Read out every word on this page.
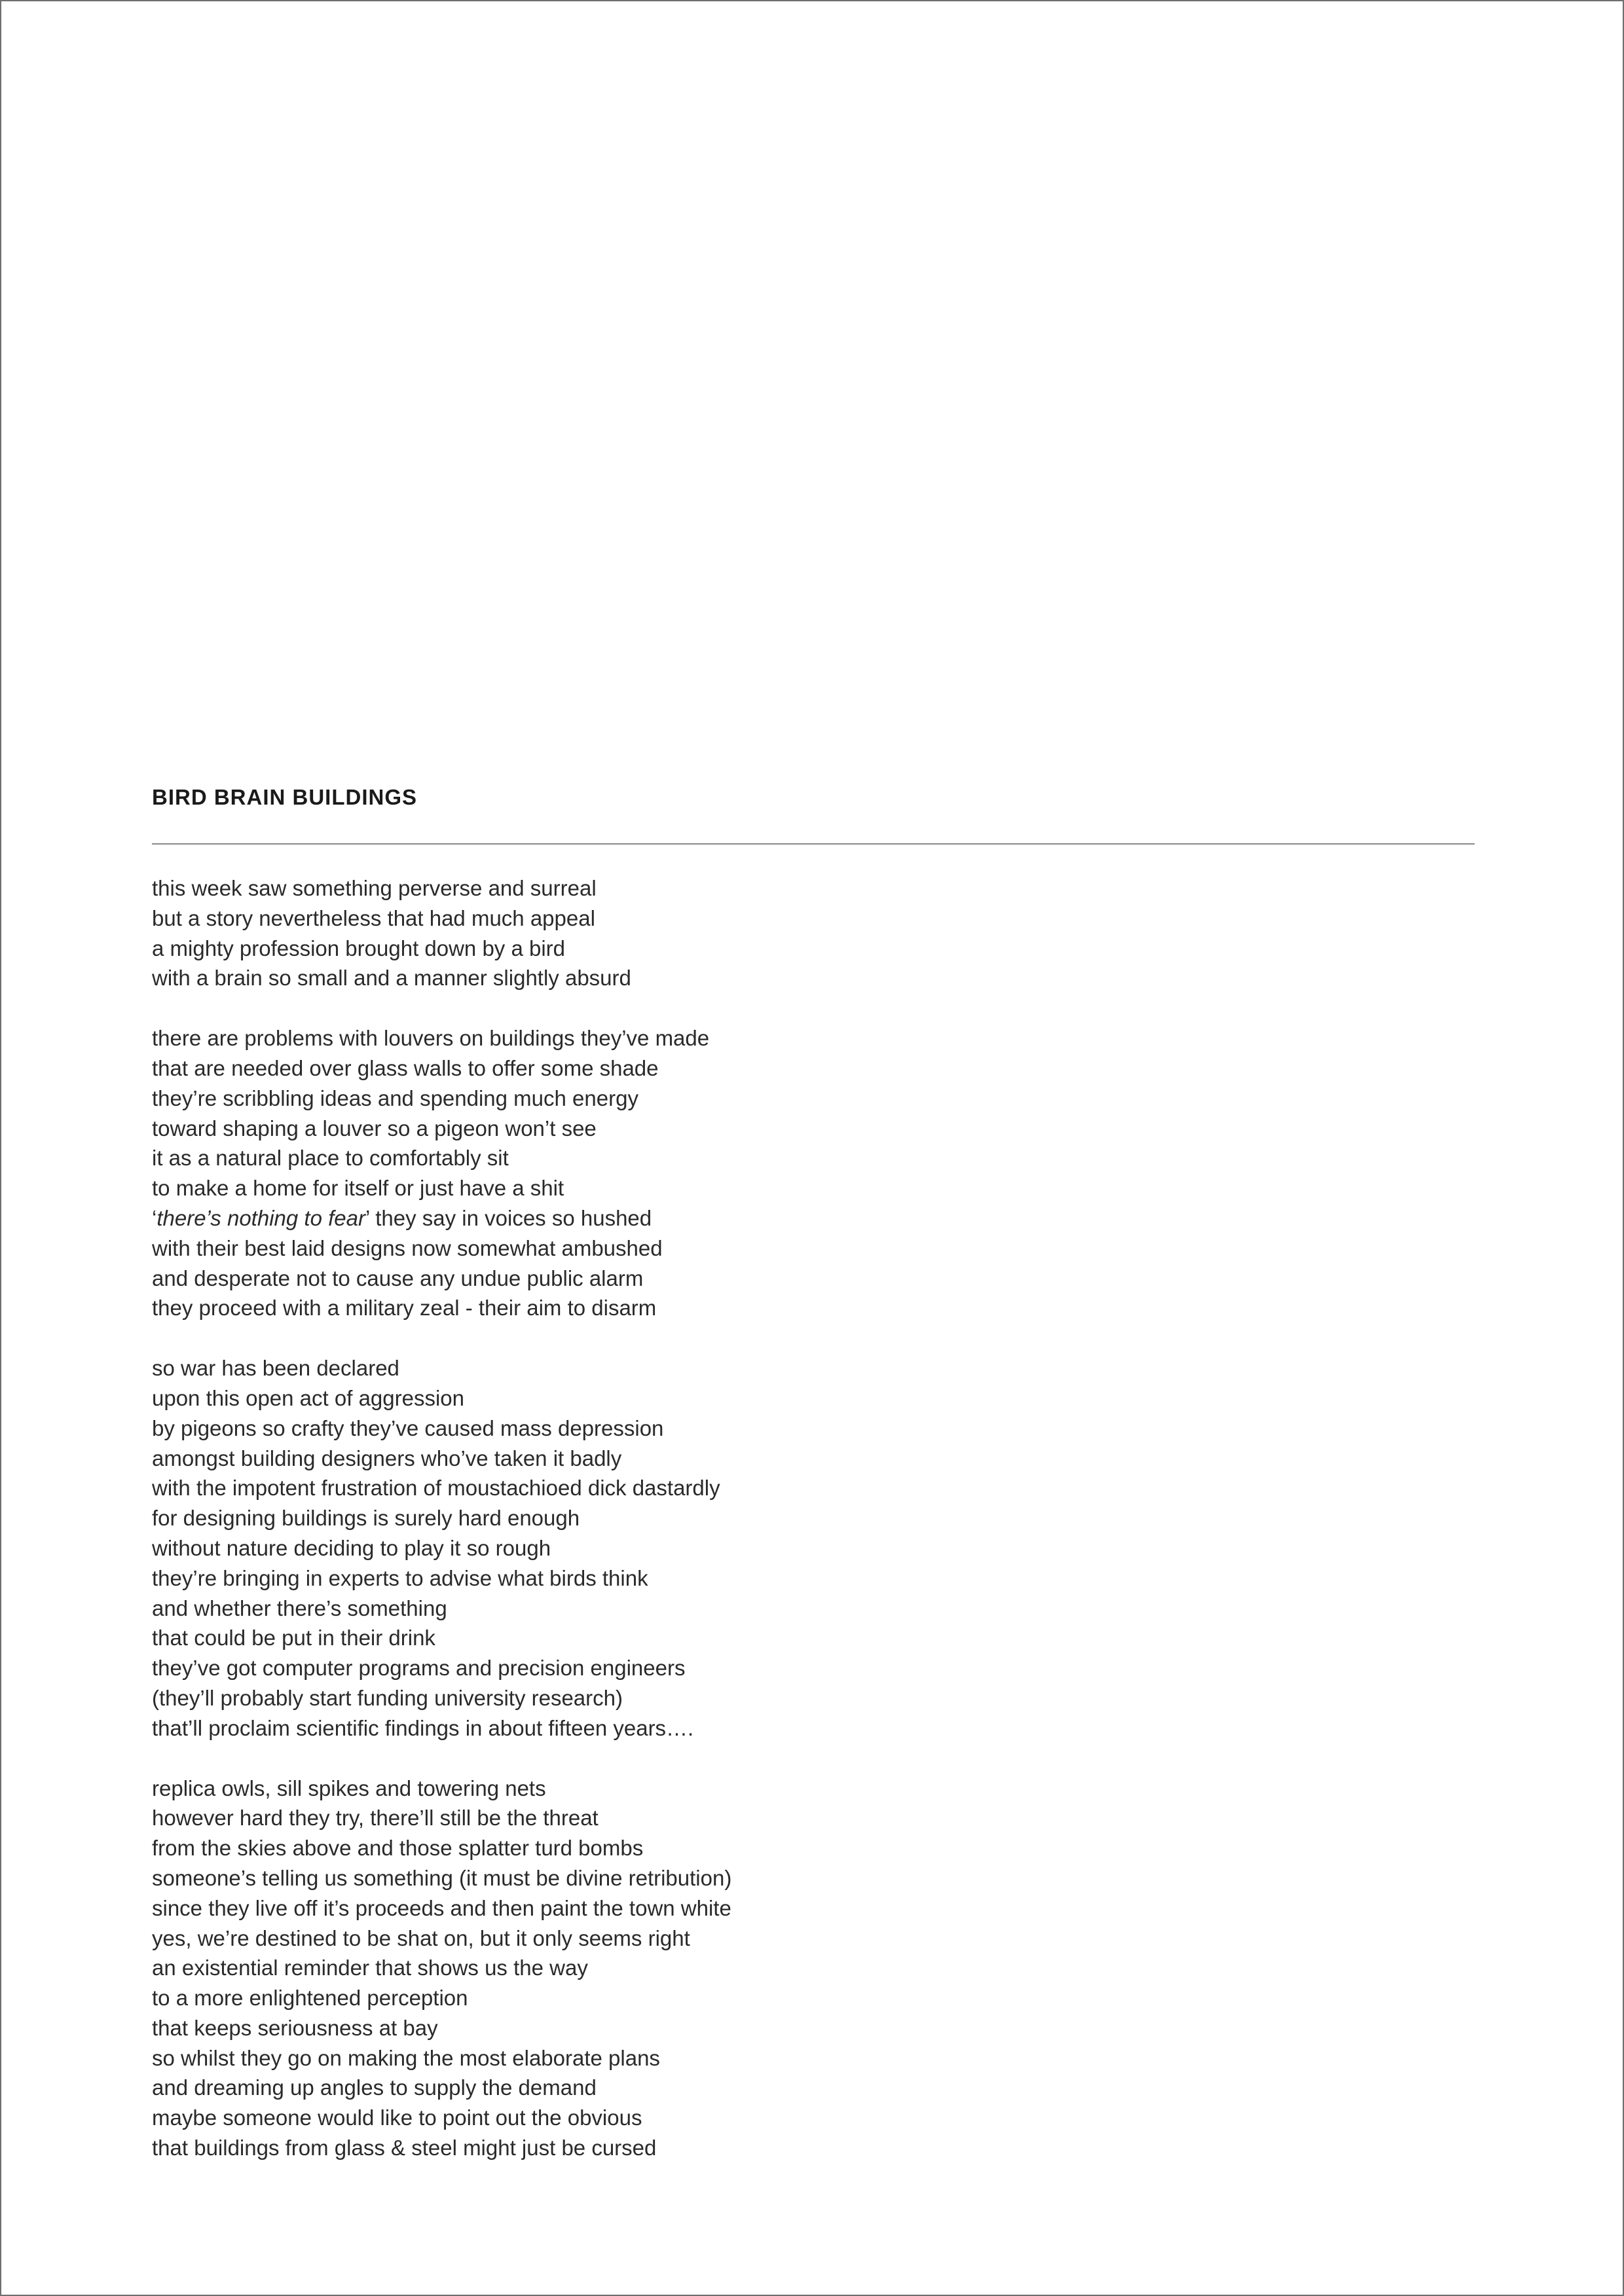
BIRD BRAIN BUILDINGS
this week saw something perverse and surreal
but a story nevertheless that had much appeal
a mighty profession brought down by a bird
with a brain so small and a manner slightly absurd
there are problems with louvers on buildings they’ve made
that are needed over glass walls to offer some shade
they’re scribbling ideas and spending much energy
toward shaping a louver so a pigeon won’t see
it as a natural place to comfortably sit
to make a home for itself or just have a shit
‘there’s nothing to fear’ they say in voices so hushed
with their best laid designs now somewhat ambushed
and desperate not to cause any undue public alarm
they proceed with a military zeal - their aim to disarm
so war has been declared
upon this open act of aggression
by pigeons so crafty they’ve caused mass depression
amongst building designers who’ve taken it badly
with the impotent frustration of moustachioed dick dastardly
for designing buildings is surely hard enough
without nature deciding to play it so rough
they’re bringing in experts to advise what birds think
and whether there’s something
that could be put in their drink
they’ve got computer programs and precision engineers
(they’ll probably start funding university research)
that’ll proclaim scientific findings in about fifteen years….
replica owls, sill spikes and towering nets
however hard they try, there’ll still be the threat
from the skies above and those splatter turd bombs
someone’s telling us something (it must be divine retribution)
since they live off it’s proceeds and then paint the town white
yes, we’re destined to be shat on, but it only seems right
an existential reminder that shows us the way
to a more enlightened perception
that keeps seriousness at bay
so whilst they go on making the most elaborate plans
and dreaming up angles to supply the demand
maybe someone would like to point out the obvious
that buildings from glass & steel might just be cursed
